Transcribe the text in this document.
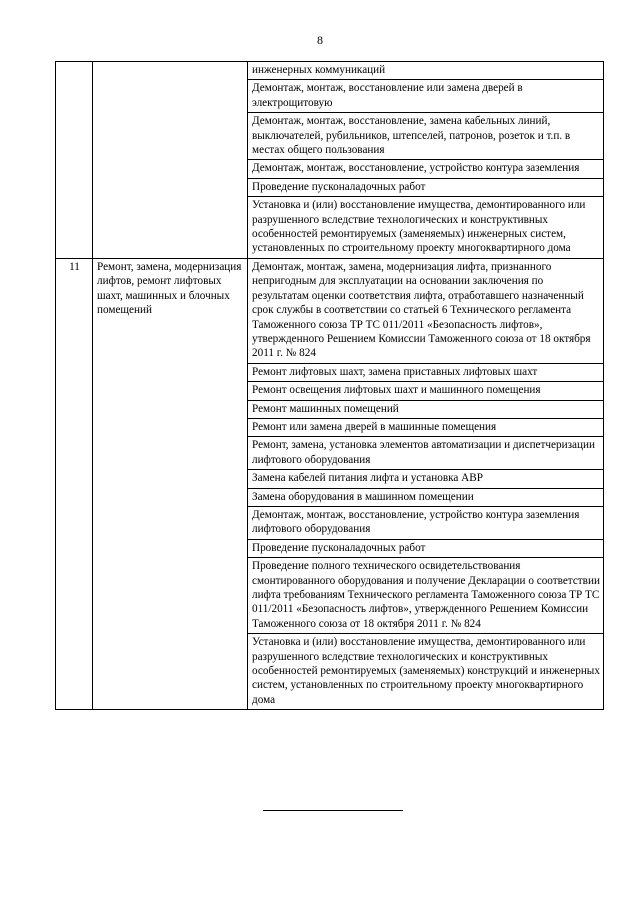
8
		инженерных коммуникаций
		Демонтаж, монтаж, восстановление или замена дверей в электрощитовую
		Демонтаж, монтаж, восстановление, замена кабельных линий, выключателей, рубильников, штепселей, патронов, розеток и т.п. в местах общего пользования
		Демонтаж, монтаж, восстановление, устройство контура заземления
		Проведение пусконаладочных работ
		Установка и (или) восстановление имущества, демонтированного или разрушенного вследствие технологических и конструктивных особенностей ремонтируемых (заменяемых) инженерных систем, установленных по строительному проекту многоквартирного дома
11	Ремонт, замена, модернизация лифтов, ремонт лифтовых шахт, машинных и блочных помещений	Демонтаж, монтаж, замена, модернизация лифта, признанного непригодным для эксплуатации на основании заключения по результатам оценки соответствия лифта, отработавшего назначенный срок службы в соответствии со статьей 6 Технического регламента Таможенного союза ТР ТС 011/2011 «Безопасность лифтов», утвержденного Решением Комиссии Таможенного союза от 18 октября 2011 г. № 824
		Ремонт лифтовых шахт, замена приставных лифтовых шахт
		Ремонт освещения лифтовых шахт и машинного помещения
		Ремонт машинных помещений
		Ремонт или замена дверей в машинные помещения
		Ремонт, замена, установка элементов автоматизации и диспетчеризации лифтового оборудования
		Замена кабелей питания лифта и установка АВР
		Замена оборудования в машинном помещении
		Демонтаж, монтаж, восстановление, устройство контура заземления лифтового оборудования
		Проведение пусконаладочных работ
		Проведение полного технического освидетельствования смонтированного оборудования и получение Декларации о соответствии лифта требованиям Технического регламента Таможенного союза ТР ТС 011/2011 «Безопасность лифтов», утвержденного Решением Комиссии Таможенного союза от 18 октября 2011 г. № 824
		Установка и (или) восстановление имущества, демонтированного или разрушенного вследствие технологических и конструктивных особенностей ремонтируемых (заменяемых) конструкций и инженерных систем, установленных по строительному проекту многоквартирного дома
